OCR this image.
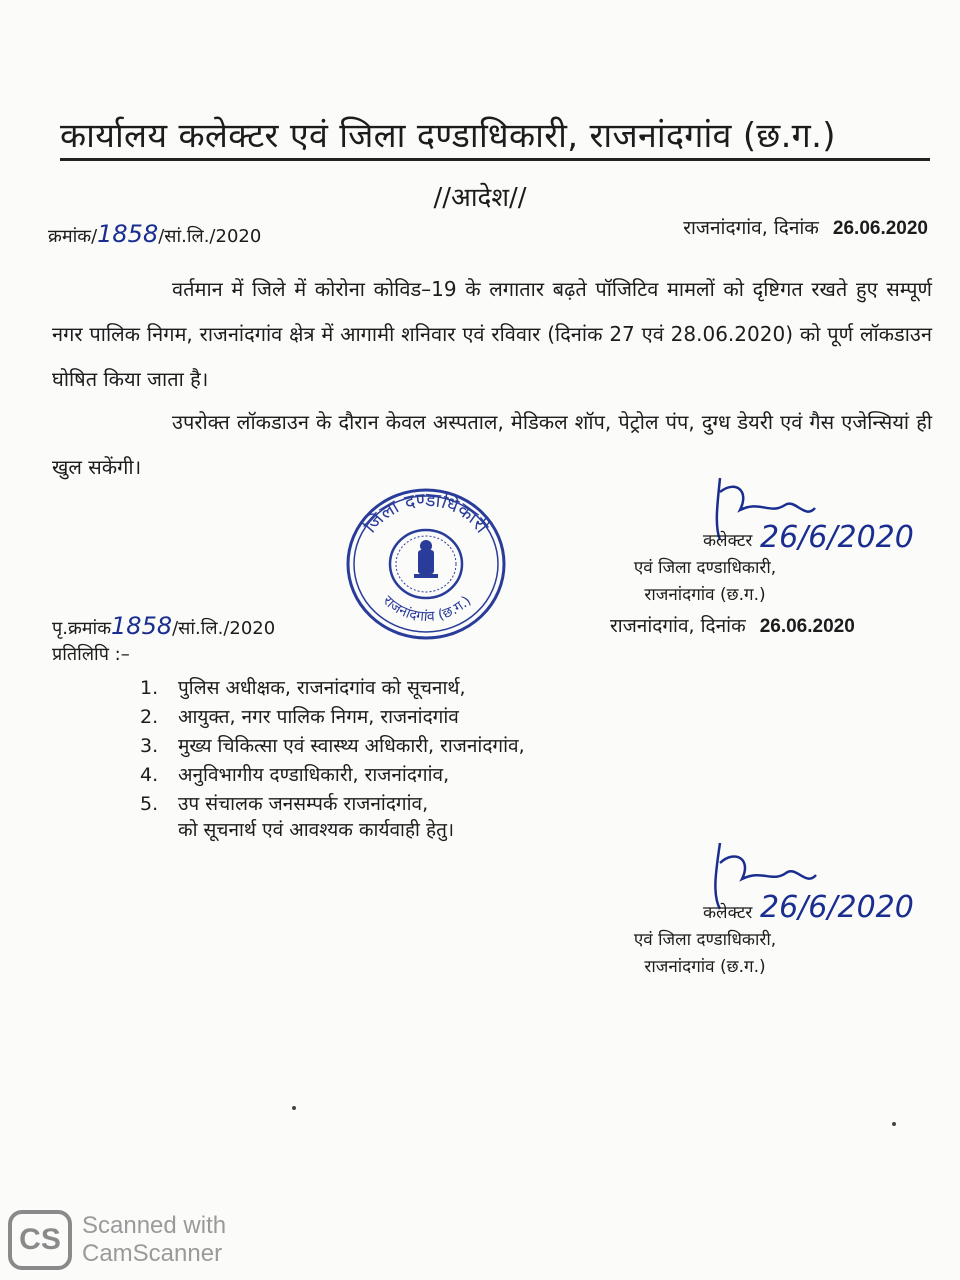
कार्यालय कलेक्टर एवं जिला दण्डाधिकारी, राजनांदगांव (छ.ग.)
//आदेश//
क्रमांक/1858/सां.लि./2020	राजनांदगांव, दिनांक 26.06.2020
वर्तमान में जिले में कोरोना कोविड–19 के लगातार बढ़ते पॉजिटिव मामलों को दृष्टिगत रखते हुए सम्पूर्ण नगर पालिक निगम, राजनांदगांव क्षेत्र में आगामी शनिवार एवं रविवार (दिनांक 27 एवं 28.06.2020) को पूर्ण लॉकडाउन घोषित किया जाता है।
उपरोक्त लॉकडाउन के दौरान केवल अस्पताल, मेडिकल शॉप, पेट्रोल पंप, दुग्ध डेयरी एवं गैस एजेन्सियां ही खुल सकेंगी।
जिला दण्डाधिकारी
राजनांदगांव (छ.ग.)
26/6/2020
कलेक्टर
एवं जिला दण्डाधिकारी,
राजनांदगांव (छ.ग.)
पृ.क्रमांक1858/सां.लि./2020	राजनांदगांव, दिनांक 26.06.2020
प्रतिलिपि :–
1. पुलिस अधीक्षक, राजनांदगांव को सूचनार्थ,
2. आयुक्त, नगर पालिक निगम, राजनांदगांव
3. मुख्य चिकित्सा एवं स्वास्थ्य अधिकारी, राजनांदगांव,
4. अनुविभागीय दण्डाधिकारी, राजनांदगांव,
5. उप संचालक जनसम्पर्क राजनांदगांव,
को सूचनार्थ एवं आवश्यक कार्यवाही हेतु।
26/6/2020
कलेक्टर
एवं जिला दण्डाधिकारी,
राजनांदगांव (छ.ग.)
CS Scanned with
CamScanner
